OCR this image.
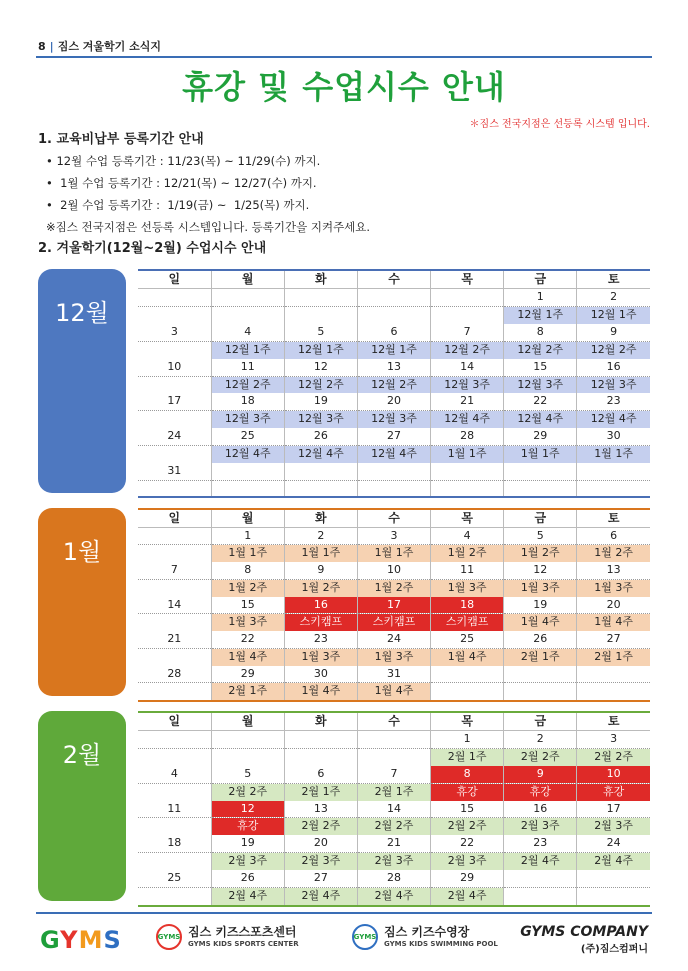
8 | 짐스 겨울학기 소식지
휴강 및 수업시수 안내
＊짐스 전국지점은 선등록 시스템 입니다.
1. 교육비납부 등록기간 안내
• 12월 수업 등록기간 : 11/23(목) ~ 11/29(수) 까지.
•  1월 수업 등록기간 : 12/21(목) ~ 12/27(수) 까지.
•  2월 수업 등록기간 :  1/19(금) ~  1/25(목) 까지.
※짐스 전국지점은 선등록 시스템입니다. 등록기간을 지켜주세요.
2. 겨울학기(12월~2월) 수업시수 안내
12월
일	월	화	수	목	금	토
					1	2
					12월 1주	12월 1주
3	4	5	6	7	8	9
	12월 1주	12월 1주	12월 1주	12월 2주	12월 2주	12월 2주
10	11	12	13	14	15	16
	12월 2주	12월 2주	12월 2주	12월 3주	12월 3주	12월 3주
17	18	19	20	21	22	23
	12월 3주	12월 3주	12월 3주	12월 4주	12월 4주	12월 4주
24	25	26	27	28	29	30
	12월 4주	12월 4주	12월 4주	1월 1주	1월 1주	1월 1주
31						

1월
일	월	화	수	목	금	토
	1	2	3	4	5	6
	1월 1주	1월 1주	1월 1주	1월 2주	1월 2주	1월 2주
7	8	9	10	11	12	13
	1월 2주	1월 2주	1월 2주	1월 3주	1월 3주	1월 3주
14	15	16	17	18	19	20
	1월 3주	스키캠프	스키캠프	스키캠프	1월 4주	1월 4주
21	22	23	24	25	26	27
	1월 4주	1월 3주	1월 3주	1월 4주	2월 1주	2월 1주
28	29	30	31			
	2월 1주	1월 4주	1월 4주			
2월
일	월	화	수	목	금	토
				1	2	3
				2월 1주	2월 2주	2월 2주
4	5	6	7	8	9	10
	2월 2주	2월 1주	2월 1주	휴강	휴강	휴강
11	12	13	14	15	16	17
	휴강	2월 2주	2월 2주	2월 2주	2월 3주	2월 3주
18	19	20	21	22	23	24
	2월 3주	2월 3주	2월 3주	2월 3주	2월 4주	2월 4주
25	26	27	28	29		
	2월 4주	2월 4주	2월 4주	2월 4주		
GYMS	GYMS 짐스 키즈스포츠센터
GYMS KIDS SPORTS CENTER
GYMS 짐스 키즈수영장
GYMS KIDS SWIMMING POOL
GYMS COMPANY
(주)짐스컴퍼니
